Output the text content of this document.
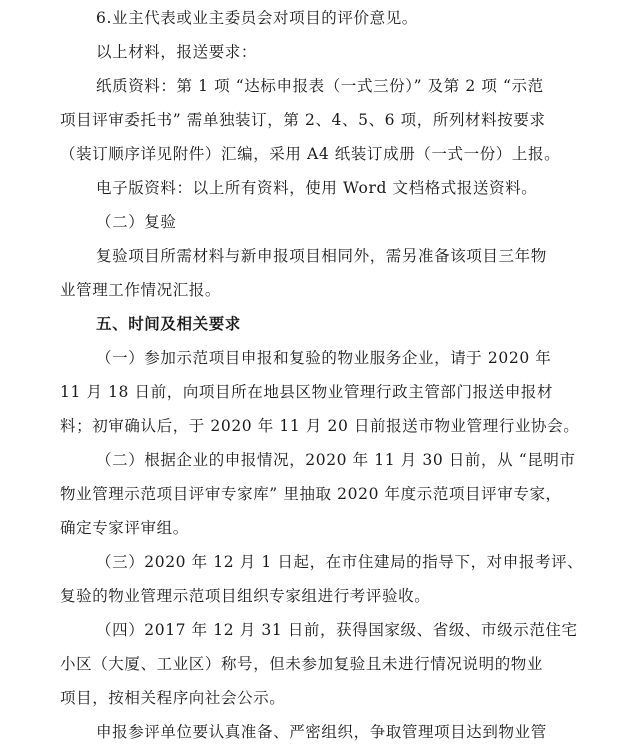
6.业主代表或业主委员会对项目的评价意见。
以上材料，报送要求：
纸质资料：第 1 项 “达标申报表（一式三份）” 及第 2 项 “示范
项目评审委托书” 需单独装订，第 2、4、5、6 项，所列材料按要求
（装订顺序详见附件）汇编，采用 A4 纸装订成册（一式一份）上报。
电子版资料：以上所有资料，使用 Word 文档格式报送资料。
（二）复验
复验项目所需材料与新申报项目相同外，需另准备该项目三年物
业管理工作情况汇报。
五、时间及相关要求
（一）参加示范项目申报和复验的物业服务企业，请于 2020 年
11 月 18 日前，向项目所在地县区物业管理行政主管部门报送申报材
料；初审确认后，于 2020 年 11 月 20 日前报送市物业管理行业协会。
（二）根据企业的申报情况，2020 年 11 月 30 日前，从 “昆明市
物业管理示范项目评审专家库” 里抽取 2020 年度示范项目评审专家，
确定专家评审组。
（三）2020 年 12 月 1 日起，在市住建局的指导下，对申报考评、
复验的物业管理示范项目组织专家组进行考评验收。
（四）2017 年 12 月 31 日前，获得国家级、省级、市级示范住宅
小区（大厦、工业区）称号，但未参加复验且未进行情况说明的物业
项目，按相关程序向社会公示。
申报参评单位要认真准备、严密组织，争取管理项目达到物业管
